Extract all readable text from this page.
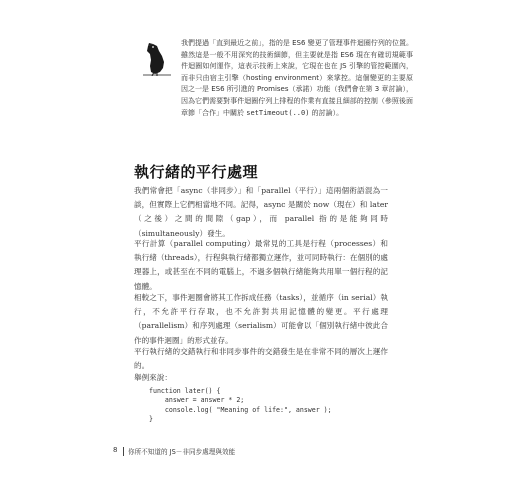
我們提過「直到最近之前」，指的是 ES6 變更了管理事件迴圈佇列的位置。雖然這是一般不用深究的技術細節，但主要就是指 ES6 現在有確切規範事件迴圈如何運作，這表示技術上來說，它現在也在 JS 引擎的管控範圍內，而非只由宿主引擎（hosting environment）來掌控。這個變更的主要原因之一是 ES6 所引進的 Promises（承諾）功能（我們會在第 3 章討論），因為它們需要對事件迴圈佇列上排程的作業有直接且細部的控制（參照後面章節「合作」中關於 setTimeout(..0) 的討論）。

執行緒的平行處理

我們常會把「async（非同步）」和「parallel（平行）」這兩個術語混為一談，但實際上它們相當地不同。記得，async 是關於 now（現在）和 later（之後）之間的間隙（gap），而 parallel 指的是能夠同時（simultaneously）發生。

平行計算（parallel computing）最常見的工具是行程（processes）和執行緒（threads），行程與執行緒都獨立運作，並可同時執行：在個別的處理器上，或甚至在不同的電腦上，不過多個執行緒能夠共用單一個行程的記憶體。

相較之下，事件迴圈會將其工作拆成任務（tasks），並循序（in serial）執行，不允許平行存取，也不允許對共用記憶體的變更。平行處理（parallelism）和序列處理（serialism）可能會以「個別執行緒中彼此合作的事件迴圈」的形式並存。

平行執行緒的交錯執行和非同步事件的交錯發生是在非常不同的層次上運作的。

舉例來說：

function later() {
answer = answer * 2;
console.log( "Meaning of life:", answer );
}
8 你所不知道的 JS－非同步處理與效能
